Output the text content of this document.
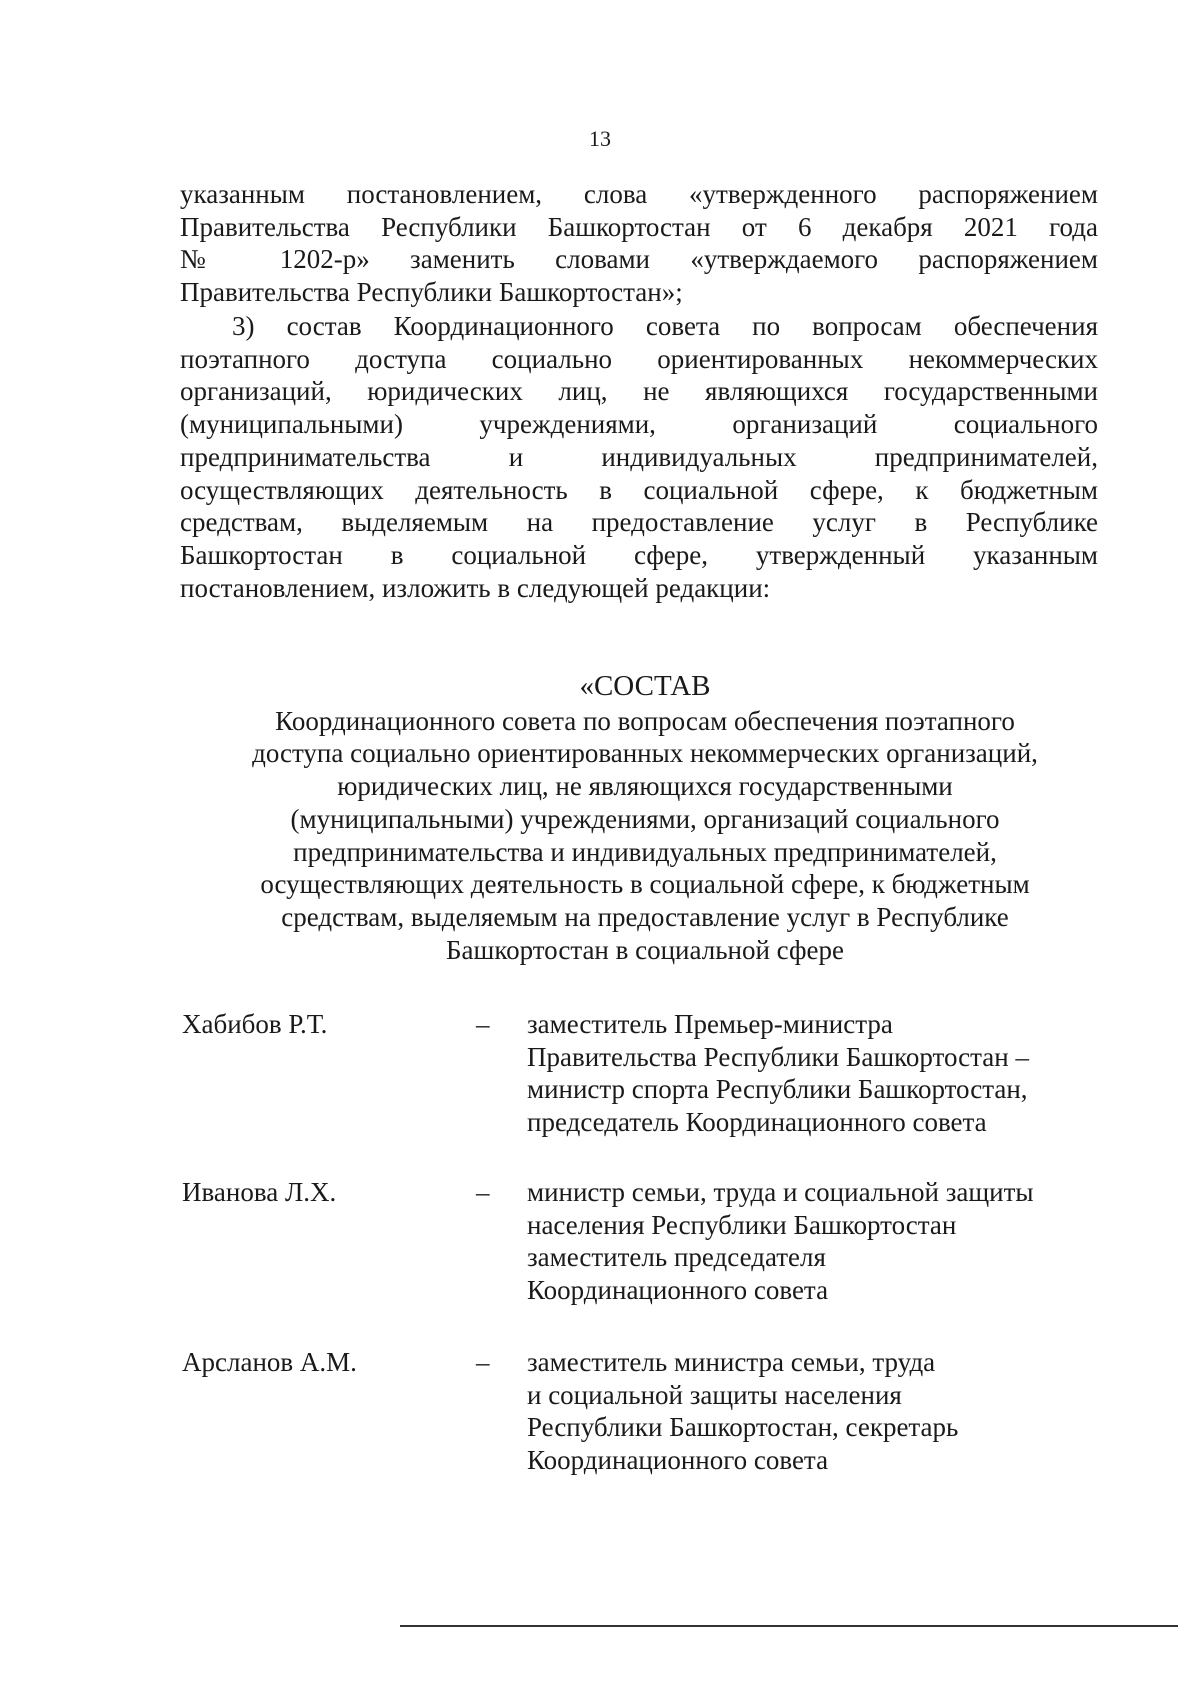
13
указанным постановлением, слова «утвержденного распоряжением
Правительства Республики Башкортостан от 6 декабря 2021 года
№ 1202-р» заменить словами «утверждаемого распоряжением
Правительства Республики Башкортостан»;
3) состав Координационного совета по вопросам обеспечения
поэтапного доступа социально ориентированных некоммерческих
организаций, юридических лиц, не являющихся государственными
(муниципальными) учреждениями, организаций социального
предпринимательства и индивидуальных предпринимателей,
осуществляющих деятельность в социальной сфере, к бюджетным
средствам, выделяемым на предоставление услуг в Республике
Башкортостан в социальной сфере, утвержденный указанным
постановлением, изложить в следующей редакции:
«СОСТАВ
Координационного совета по вопросам обеспечения поэтапного
доступа социально ориентированных некоммерческих организаций,
юридических лиц, не являющихся государственными
(муниципальными) учреждениями, организаций социального
предпринимательства и индивидуальных предпринимателей,
осуществляющих деятельность в социальной сфере, к бюджетным
средствам, выделяемым на предоставление услуг в Республике
Башкортостан в социальной сфере
Хабибов Р.Т.	– заместитель Премьер-министра
Правительства Республики Башкортостан –
министр спорта Республики Башкортостан,
председатель Координационного совета
Иванова Л.Х.	– министр семьи, труда и социальной защиты
населения Республики Башкортостан
заместитель председателя
Координационного совета
Арсланов А.М.	– заместитель министра семьи, труда
и социальной защиты населения
Республики Башкортостан, секретарь
Координационного совета
